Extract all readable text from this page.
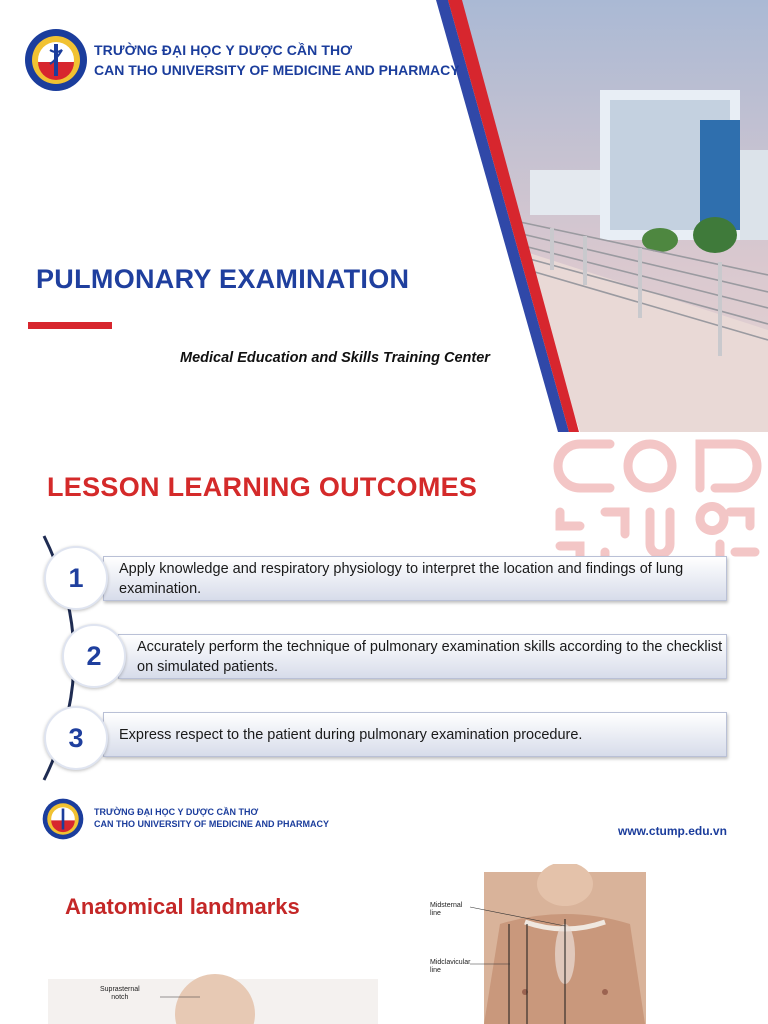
TRƯỜNG ĐẠI HỌC Y DƯỢC CẦN THƠ
CAN THO UNIVERSITY OF MEDICINE AND PHARMACY
PULMONARY EXAMINATION
Medical Education and Skills Training Center
LESSON LEARNING OUTCOMES
Apply knowledge and respiratory physiology to interpret the location and findings of lung examination.
Accurately perform the technique of pulmonary examination skills according to the checklist on simulated patients.
Express respect to the patient during pulmonary examination procedure.
1
2
3
TRƯỜNG ĐẠI HỌC Y DƯỢC CẦN THƠ
CAN THO UNIVERSITY OF MEDICINE AND PHARMACY	www.ctump.edu.vn
Anatomical landmarks	Midsternal
line
Midclavicular
line
Suprasternal
notch
